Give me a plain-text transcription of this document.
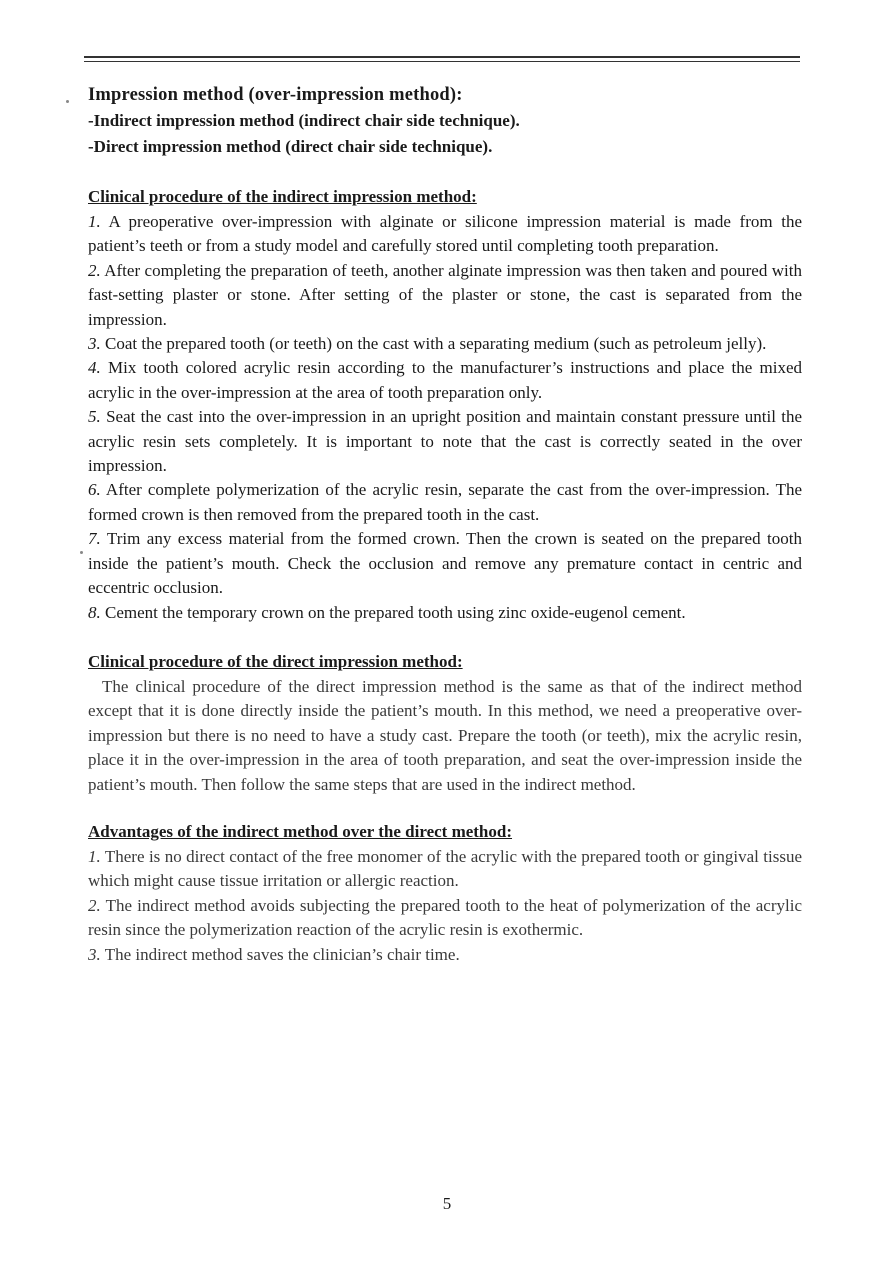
Impression method (over-impression method):

-Indirect impression method (indirect chair side technique).

-Direct impression method (direct chair side technique).

Clinical procedure of the indirect impression method:

1. A preoperative over-impression with alginate or silicone impression material is made from the patient’s teeth or from a study model and carefully stored until completing tooth preparation.

2. After completing the preparation of teeth, another alginate impression was then taken and poured with fast-setting plaster or stone. After setting of the plaster or stone, the cast is separated from the impression.

3. Coat the prepared tooth (or teeth) on the cast with a separating medium (such as petroleum jelly).

4. Mix tooth colored acrylic resin according to the manufacturer’s instructions and place the mixed acrylic in the over-impression at the area of tooth preparation only.

5. Seat the cast into the over-impression in an upright position and maintain constant pressure until the acrylic resin sets completely. It is important to note that the cast is correctly seated in the over impression.

6. After complete polymerization of the acrylic resin, separate the cast from the over-impression. The formed crown is then removed from the prepared tooth in the cast.

7. Trim any excess material from the formed crown. Then the crown is seated on the prepared tooth inside the patient’s mouth. Check the occlusion and remove any premature contact in centric and eccentric occlusion.

8. Cement the temporary crown on the prepared tooth using zinc oxide-eugenol cement.

Clinical procedure of the direct impression method:

The clinical procedure of the direct impression method is the same as that of the indirect method except that it is done directly inside the patient’s mouth. In this method, we need a preoperative over-impression but there is no need to have a study cast. Prepare the tooth (or teeth), mix the acrylic resin, place it in the over-impression in the area of tooth preparation, and seat the over-impression inside the patient’s mouth. Then follow the same steps that are used in the indirect method.

Advantages of the indirect method over the direct method:

1. There is no direct contact of the free monomer of the acrylic with the prepared tooth or gingival tissue which might cause tissue irritation or allergic reaction.

2. The indirect method avoids subjecting the prepared tooth to the heat of polymerization of the acrylic resin since the polymerization reaction of the acrylic resin is exothermic.

3. The indirect method saves the clinician’s chair time.

5
